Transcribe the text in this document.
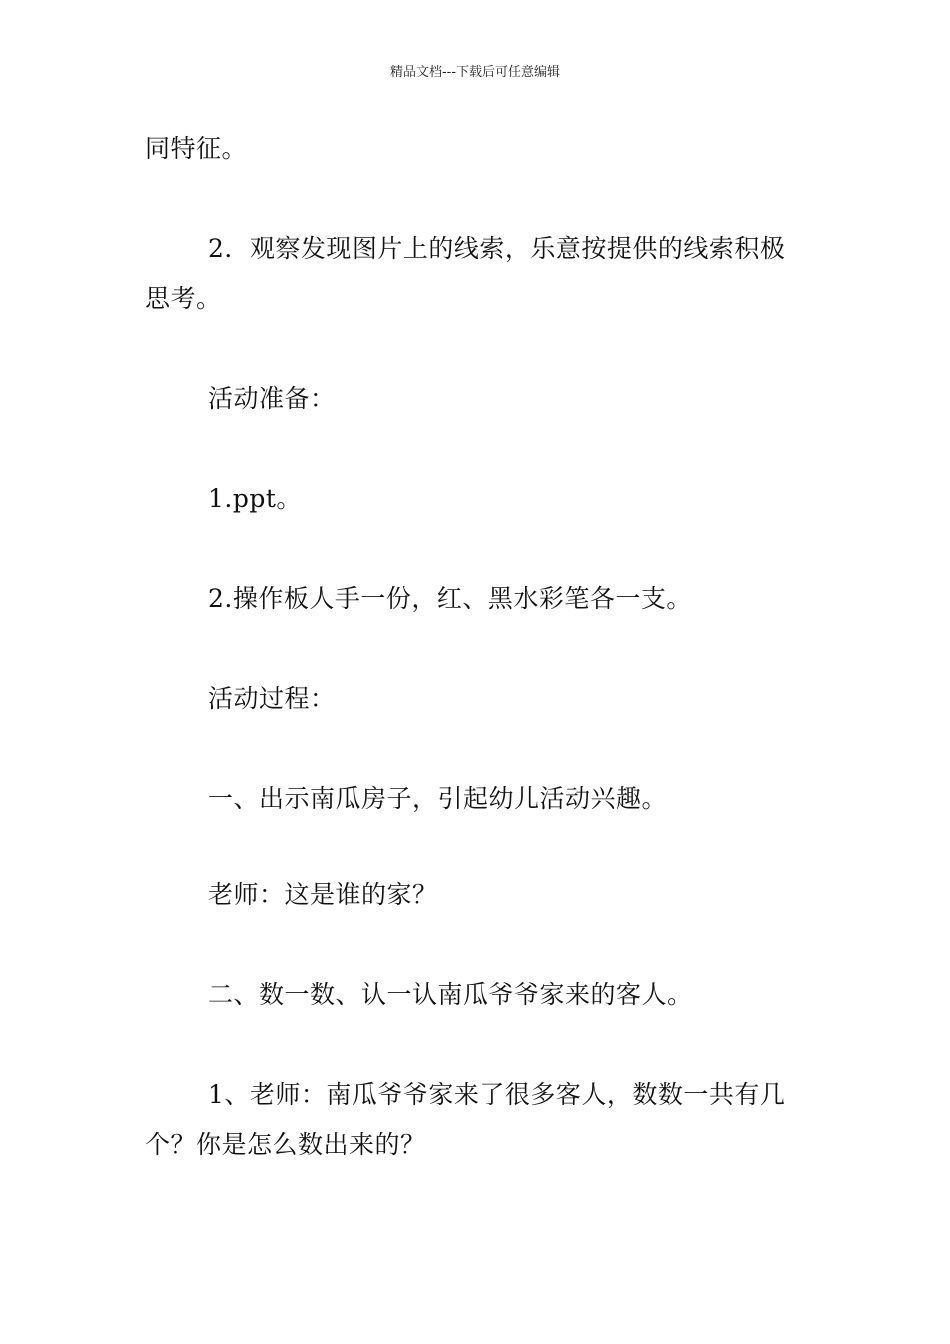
精品文档---下载后可任意编辑

同特征。

2．观察发现图片上的线索，乐意按提供的线索积极思考。

活动准备：

1.ppt。

2.操作板人手一份，红、黑水彩笔各一支。

活动过程：

一、出示南瓜房子，引起幼儿活动兴趣。

老师：这是谁的家？

二、数一数、认一认南瓜爷爷家来的客人。

1、老师：南瓜爷爷家来了很多客人，数数一共有几个？你是怎么数出来的？
